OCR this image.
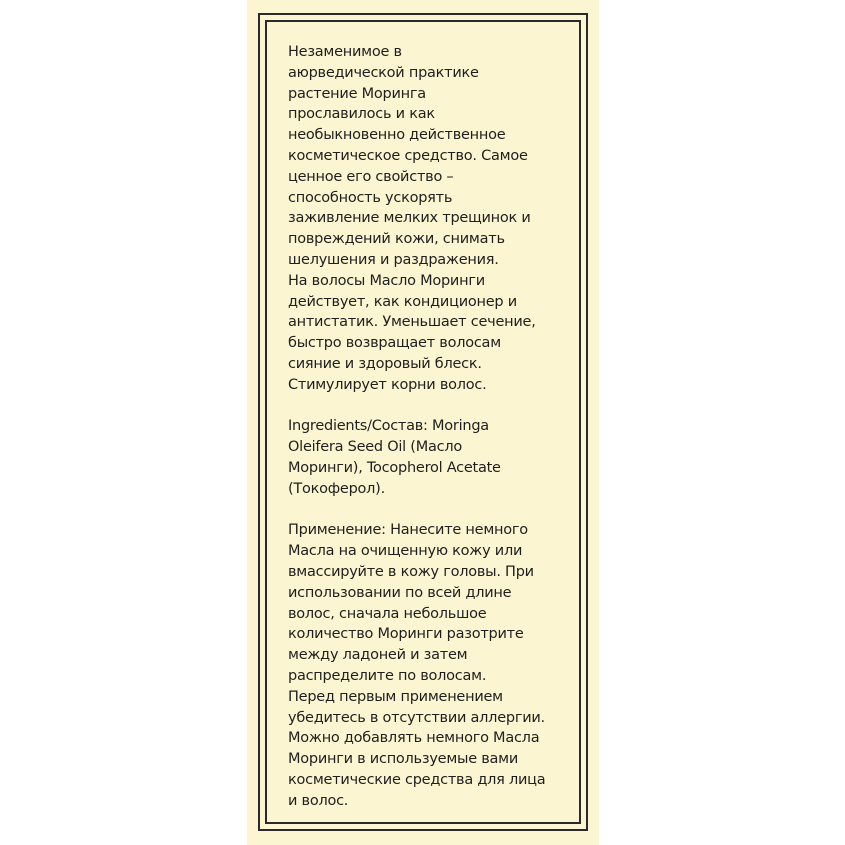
Незаменимое в
аюрведической практике
растение Моринга
прославилось и как
необыкновенно действенное
косметическое средство. Самое
ценное его свойство –
способность ускорять
заживление мелких трещинок и
повреждений кожи, снимать
шелушения и раздражения.

На волосы Масло Моринги
действует, как кондиционер и
антистатик. Уменьшает сечение,
быстро возвращает волосам
сияние и здоровый блеск.
Стимулирует корни волос.

Ingredients/Состав: Moringa
Oleifera Seed Oil (Масло
Моринги), Tocopherol Acetate
(Токоферол).

Применение: Нанесите немного
Масла на очищенную кожу или
вмассируйте в кожу головы. При
использовании по всей длине
волос, сначала небольшое
количество Моринги разотрите
между ладоней и затем
распределите по волосам.

Перед первым применением
убедитесь в отсутствии аллергии.
Можно добавлять немного Масла
Моринги в используемые вами
косметические средства для лица
и волос.
